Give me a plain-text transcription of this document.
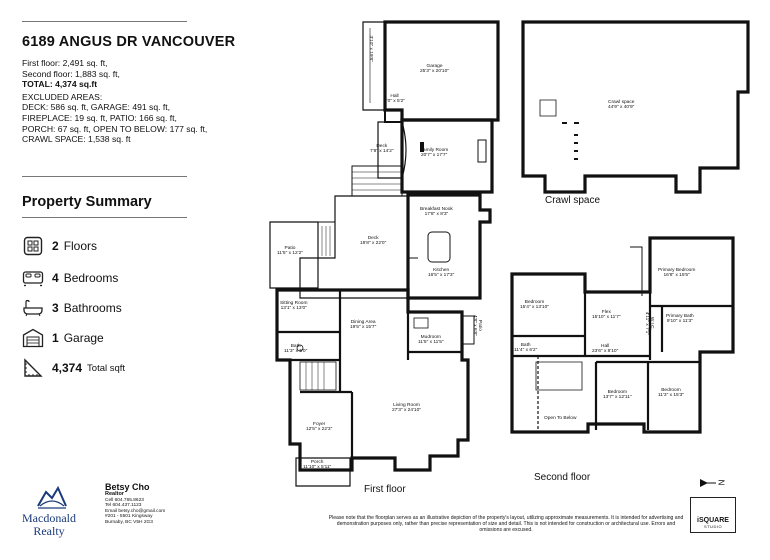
6189 ANGUS DR VANCOUVER
First floor: 2,491 sq. ft,
Second floor: 1,883 sq. ft,
TOTAL: 4,374 sq.ft
EXCLUDED AREAS:
DECK: 586 sq. ft, GARAGE: 491 sq. ft,
FIREPLACE: 19 sq. ft, PATIO: 166 sq. ft,
PORCH: 67 sq. ft, OPEN TO BELOW: 177 sq. ft,
CRAWL SPACE: 1,538 sq. ft
Property Summary
2 Floors
4 Bedrooms
3 Bathrooms
1 Garage
4,374 Total sqft
Garage
25'3" x 20'10"
3'10" x 19'8"
Hall
6'0" x 5'2"
Deck
7'8" x 14'2"	Family Room
20'7" x 17'7"
Breakfast Nook
17'8" x 8'3"
Patio
11'5" x 12'2"
Deck
19'8" x 22'0"
Kitchen
16'5" x 17'3"
Sitting Room
13'1" x 13'0"
Dining Area
19'5" x 15'7"	Patio
4'8" x 6'8"
Bath
11'3" x 5'0"
Mudroom
11'5" x 11'5"
Living Room
27'3" x 24'10"
Foyer
12'5" x 22'3"
Porch
11'10" x 5'11"
First floor
Crawl space
44'9" x 40'9"
Crawl space
Primary Bedroom
16'8" x 15'5"
Bedroom
15'4" x 13'10"
Flex
15'10" x 11'7"	W.I.C.
4'11" x 7'1"	Primary Bath
9'10" x 11'3"
Bath
11'4" x 6'2"
Hall
23'6" x 8'10"
Bedroom
13'7" x 12'11"
Bedroom
11'3" x 15'3"
Open To Below
Second floor	N
Macdonald
Realty
Betsy Cho
Realtor
Cell 604.765.8623
Tel 604.437.1123
Email betsy.cho@gmail.com
#201 - 5501 Kingsway
Burnaby, BC V5H 2G3
Please note that the floorplan serves as an illustrative depiction of the property's layout, utilizing approximate measurements. It is intended for advertising and demonstration purposes only, rather than precise representation of size and detail. This is not intended for construction or architectural use. Errors and omissions are excused.
iSQUARE
STUDIO
